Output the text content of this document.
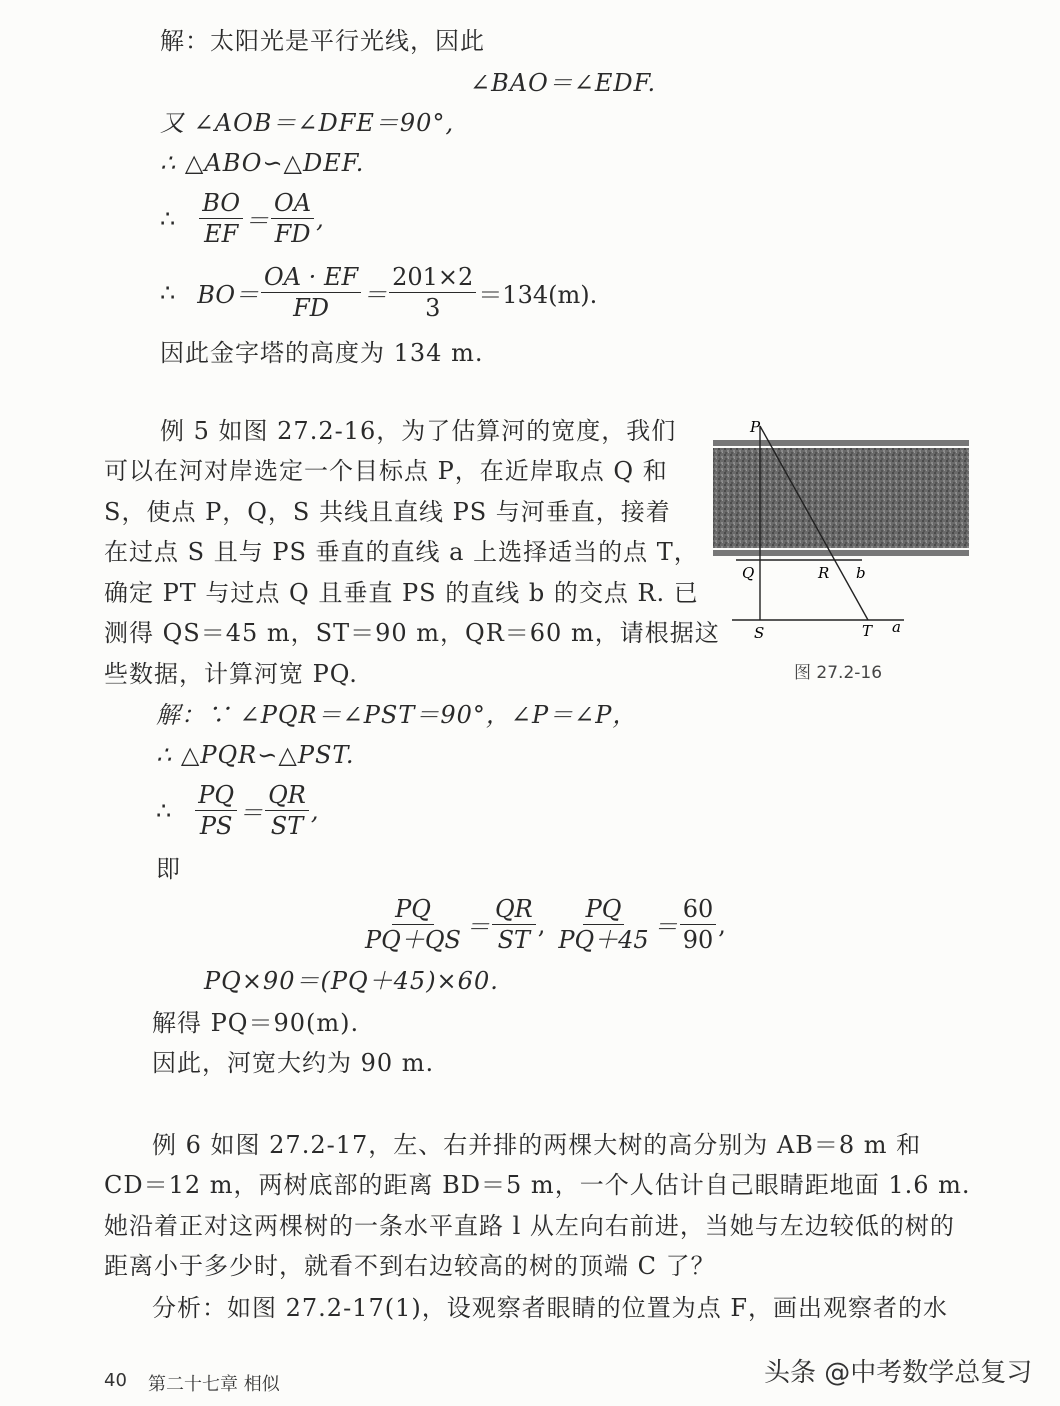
解：太阳光是平行光线，因此
∠BAO＝∠EDF.
又 ∠AOB＝∠DFE＝90°,
∴ △ABO∽△DEF.
∴ $\frac{BO}{EF} = \frac{OA}{FD}$ ,
∴ $BO= \frac{OA \cdot EF}{FD} = \frac{201\times 2}{3} =134(m)$.
因此金字塔的高度为 134 m.
例 5 如图 27.2-16，为了估算河的宽度，我们
可以在河对岸选定一个目标点 P，在近岸取点 Q 和
S，使点 P，Q，S 共线且直线 PS 与河垂直，接着
在过点 S 且与 PS 垂直的直线 a 上选择适当的点 T，
确定 PT 与过点 Q 且垂直 PS 的直线 b 的交点 R. 已
测得 QS＝45 m，ST＝90 m，QR＝60 m，请根据这
些数据，计算河宽 PQ.
P
Q	R b
S	T a
图 27.2-16
解：∵ ∠PQR＝∠PST＝90°，∠P＝∠P，
∴ △PQR∽△PST.
∴ $\frac{PQ}{PS} = \frac{QR}{ST}$ ,
即
$\frac{PQ}{PQ+QS} = \frac{QR}{ST}$ , $\frac{PQ}{PQ+45} = \frac{60}{90}$ ,
PQ×90＝(PQ＋45)×60.
解得 PQ＝90(m).
因此，河宽大约为 90 m.
例 6 如图 27.2-17，左、右并排的两棵大树的高分别为 AB＝8 m 和
CD＝12 m，两树底部的距离 BD＝5 m，一个人估计自己眼睛距地面 1.6 m.
她沿着正对这两棵树的一条水平直路 l 从左向右前进，当她与左边较低的树的
距离小于多少时，就看不到右边较高的树的顶端 C 了？
分析：如图 27.2-17(1)，设观察者眼睛的位置为点 F，画出观察者的水
40 第二十七章 相似	头条 @中考数学总复习
